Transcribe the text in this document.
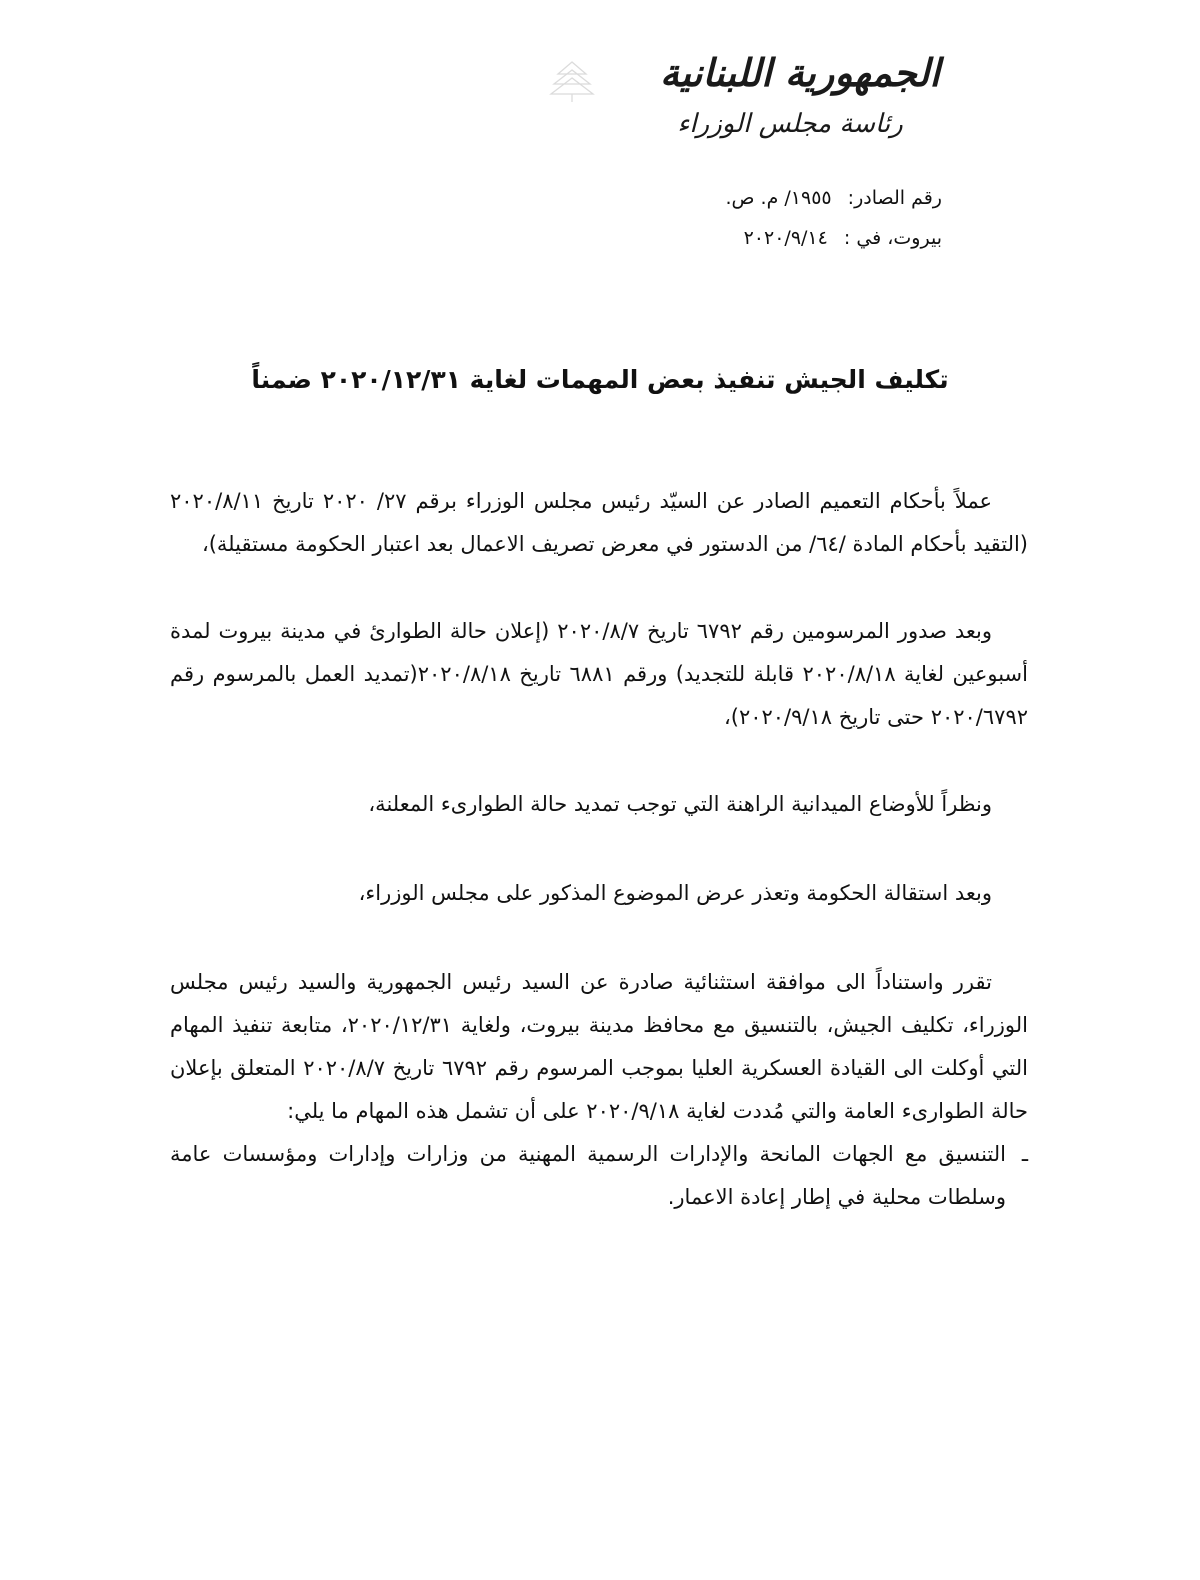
الجمهورية اللبنانية
رئاسة مجلس الوزراء
رقم الصادر: ١٩٥٥/ م. ص.
بيروت، في : ٢٠٢٠/٩/١٤
تكليف الجيش تنفيذ بعض المهمات لغاية ٢٠٢٠/١٢/٣١ ضمناً

عملاً بأحكام التعميم الصادر عن السيّد رئيس مجلس الوزراء برقم ٢٧/ ٢٠٢٠ تاريخ ٢٠٢٠/٨/١١ (التقيد بأحكام المادة /٦٤/ من الدستور في معرض تصريف الاعمال بعد اعتبار الحكومة مستقيلة)،

وبعد صدور المرسومين رقم ٦٧٩٢ تاريخ ٢٠٢٠/٨/٧ (إعلان حالة الطوارئ في مدينة بيروت لمدة أسبوعين لغاية ٢٠٢٠/٨/١٨ قابلة للتجديد) ورقم ٦٨٨١ تاريخ ٢٠٢٠/٨/١٨(تمديد العمل بالمرسوم رقم ٢٠٢٠/٦٧٩٢ حتى تاريخ ٢٠٢٠/٩/١٨)،

ونظراً للأوضاع الميدانية الراهنة التي توجب تمديد حالة الطوارىء المعلنة،

وبعد استقالة الحكومة وتعذر عرض الموضوع المذكور على مجلس الوزراء،

تقرر واستناداً الى موافقة استثنائية صادرة عن السيد رئيس الجمهورية والسيد رئيس مجلس الوزراء، تكليف الجيش، بالتنسيق مع محافظ مدينة بيروت، ولغاية ٢٠٢٠/١٢/٣١، متابعة تنفيذ المهام التي أوكلت الى القيادة العسكرية العليا بموجب المرسوم رقم ٦٧٩٢ تاريخ ٢٠٢٠/٨/٧ المتعلق بإعلان حالة الطوارىء العامة والتي مُددت لغاية ٢٠٢٠/٩/١٨ على أن تشمل هذه المهام ما يلي:

ـ
التنسيق مع الجهات المانحة والإدارات الرسمية المهنية من وزارات وإدارات ومؤسسات عامة وسلطات محلية في إطار إعادة الاعمار.
